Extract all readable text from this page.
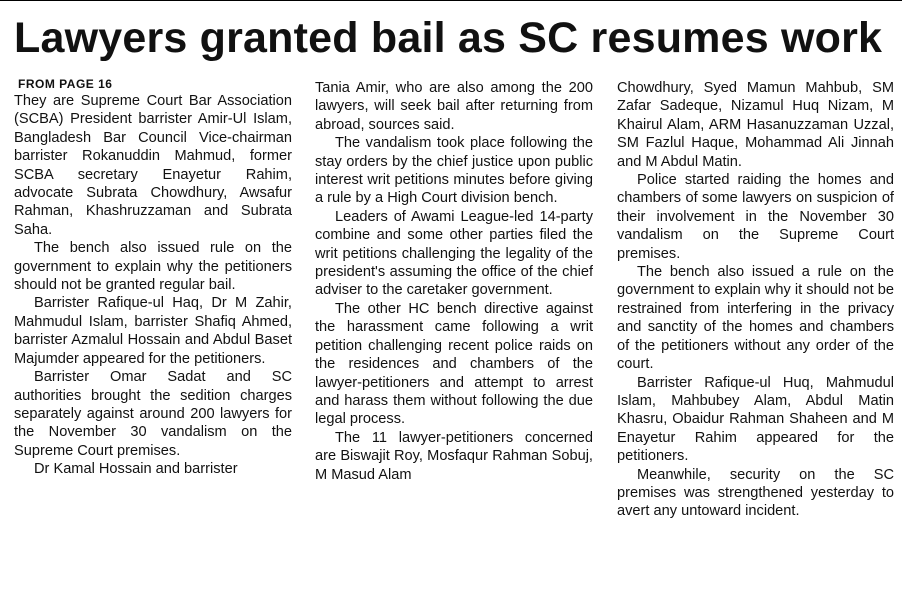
Lawyers granted bail as SC resumes work
FROM PAGE 16

They are Supreme Court Bar Association (SCBA) President barrister Amir-Ul Islam, Bangladesh Bar Council Vice-chairman barrister Rokanuddin Mahmud, former SCBA secretary Enayetur Rahim, advocate Subrata Chowdhury, Awsafur Rahman, Khashruzzaman and Subrata Saha.

The bench also issued rule on the government to explain why the petitioners should not be granted regular bail.

Barrister Rafique-ul Haq, Dr M Zahir, Mahmudul Islam, barrister Shafiq Ahmed, barrister Azmalul Hossain and Abdul Baset Majumder appeared for the petitioners.

Barrister Omar Sadat and SC authorities brought the sedition charges separately against around 200 lawyers for the November 30 vandalism on the Supreme Court premises.

Dr Kamal Hossain and barrister

Tania Amir, who are also among the 200 lawyers, will seek bail after returning from abroad, sources said.

The vandalism took place following the stay orders by the chief justice upon public interest writ petitions minutes before giving a rule by a High Court division bench.

Leaders of Awami League-led 14-party combine and some other parties filed the writ petitions challenging the legality of the president's assuming the office of the chief adviser to the caretaker government.

The other HC bench directive against the harassment came following a writ petition challenging recent police raids on the residences and chambers of the lawyer-petitioners and attempt to arrest and harass them without following the due legal process.

The 11 lawyer-petitioners concerned are Biswajit Roy, Mosfaqur Rahman Sobuj, M Masud Alam

Chowdhury, Syed Mamun Mahbub, SM Zafar Sadeque, Nizamul Huq Nizam, M Khairul Alam, ARM Hasanuzzaman Uzzal, SM Fazlul Haque, Mohammad Ali Jinnah and M Abdul Matin.

Police started raiding the homes and chambers of some lawyers on suspicion of their involvement in the November 30 vandalism on the Supreme Court premises.

The bench also issued a rule on the government to explain why it should not be restrained from interfering in the privacy and sanctity of the homes and chambers of the petitioners without any order of the court.

Barrister Rafique-ul Huq, Mahmudul Islam, Mahbubey Alam, Abdul Matin Khasru, Obaidur Rahman Shaheen and M Enayetur Rahim appeared for the petitioners.

Meanwhile, security on the SC premises was strengthened yesterday to avert any untoward incident.
